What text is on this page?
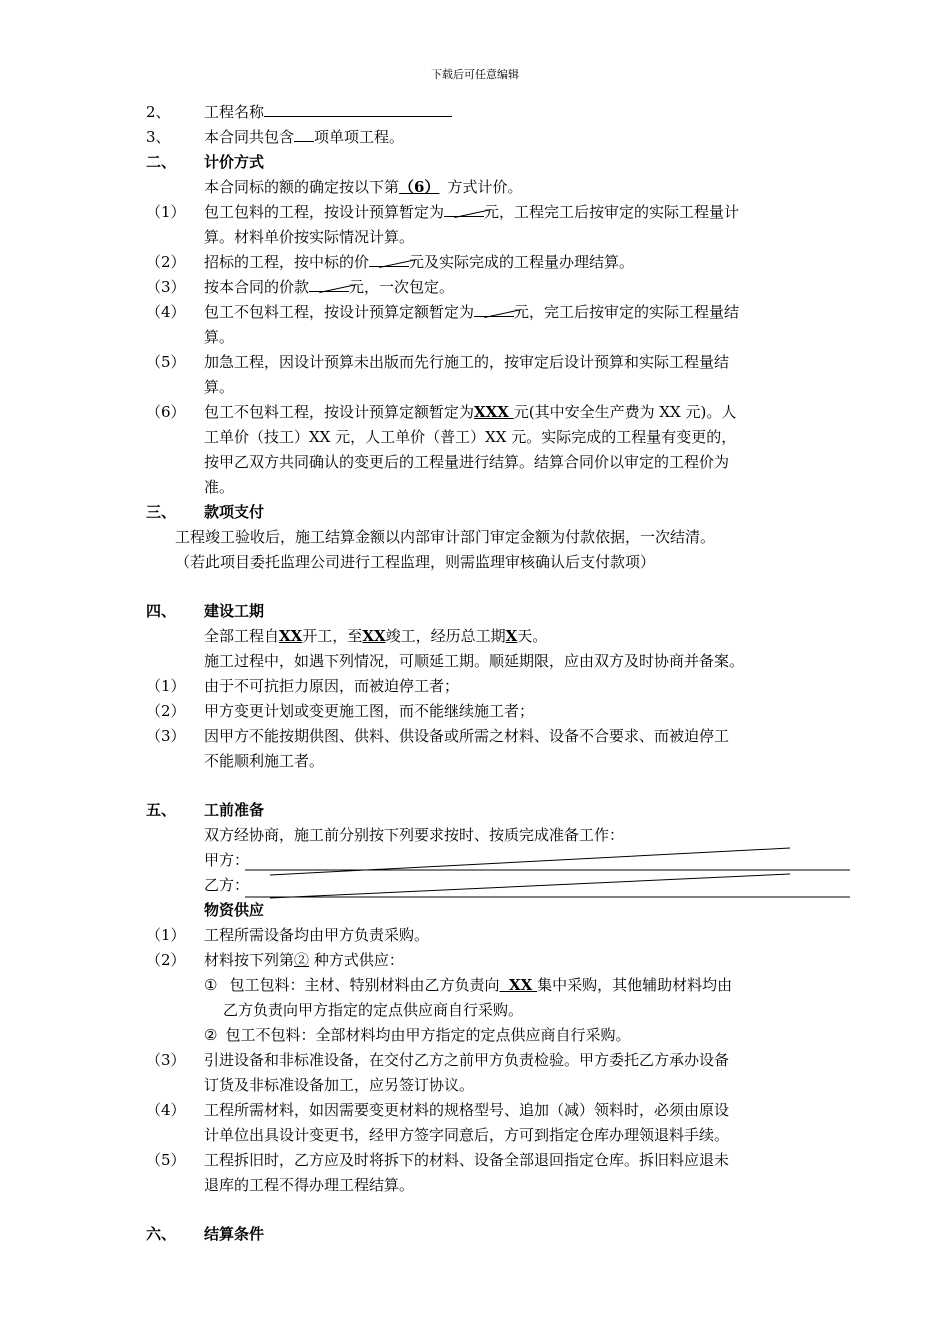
下载后可任意编辑
2、 工程名称
3、 本合同共包含 项单项工程。
二、 计价方式
本合同标的额的确定按以下第（6） 方式计价。
（1） 包工包料的工程，按设计预算暂定为	元，工程完工后按审定的实际工程量计
算。材料单价按实际情况计算。
（2） 招标的工程，按中标的价	元及实际完成的工程量办理结算。
（3） 按本合同的价款	元，一次包定。
（4） 包工不包料工程，按设计预算定额暂定为	元，完工后按审定的实际工程量结
算。
（5） 加急工程，因设计预算未出版而先行施工的，按审定后设计预算和实际工程量结
算。
（6） 包工不包料工程，按设计预算定额暂定为XXX 元(其中安全生产费为 XX 元)。人
工单价（技工）XX 元，人工单价（普工）XX 元。实际完成的工程量有变更的，
按甲乙双方共同确认的变更后的工程量进行结算。结算合同价以审定的工程价为
准。
三、 款项支付
工程竣工验收后，施工结算金额以内部审计部门审定金额为付款依据，一次结清。
（若此项目委托监理公司进行工程监理，则需监理审核确认后支付款项）
四、 建设工期
全部工程自XX开工，至XX竣工，经历总工期X天。
施工过程中，如遇下列情况，可顺延工期。顺延期限，应由双方及时协商并备案。
（1） 由于不可抗拒力原因，而被迫停工者；
（2） 甲方变更计划或变更施工图，而不能继续施工者；
（3） 因甲方不能按期供图、供料、供设备或所需之材料、设备不合要求、而被迫停工
不能顺利施工者。
五、 工前准备
双方经协商，施工前分别按下列要求按时、按质完成准备工作：
甲方：
乙方：
物资供应
（1） 工程所需设备均由甲方负责采购。
（2） 材料按下列第② 种方式供应：
① 包工包料：主材、特别材料由乙方负责向 XX 集中采购，其他辅助材料均由
乙方负责向甲方指定的定点供应商自行采购。
② 包工不包料：全部材料均由甲方指定的定点供应商自行采购。
（3） 引进设备和非标准设备，在交付乙方之前甲方负责检验。甲方委托乙方承办设备
订货及非标准设备加工，应另签订协议。
（4） 工程所需材料，如因需要变更材料的规格型号、追加（减）领料时，必须由原设
计单位出具设计变更书，经甲方签字同意后，方可到指定仓库办理领退料手续。
（5） 工程拆旧时，乙方应及时将拆下的材料、设备全部退回指定仓库。拆旧料应退未
退库的工程不得办理工程结算。
六、 结算条件
